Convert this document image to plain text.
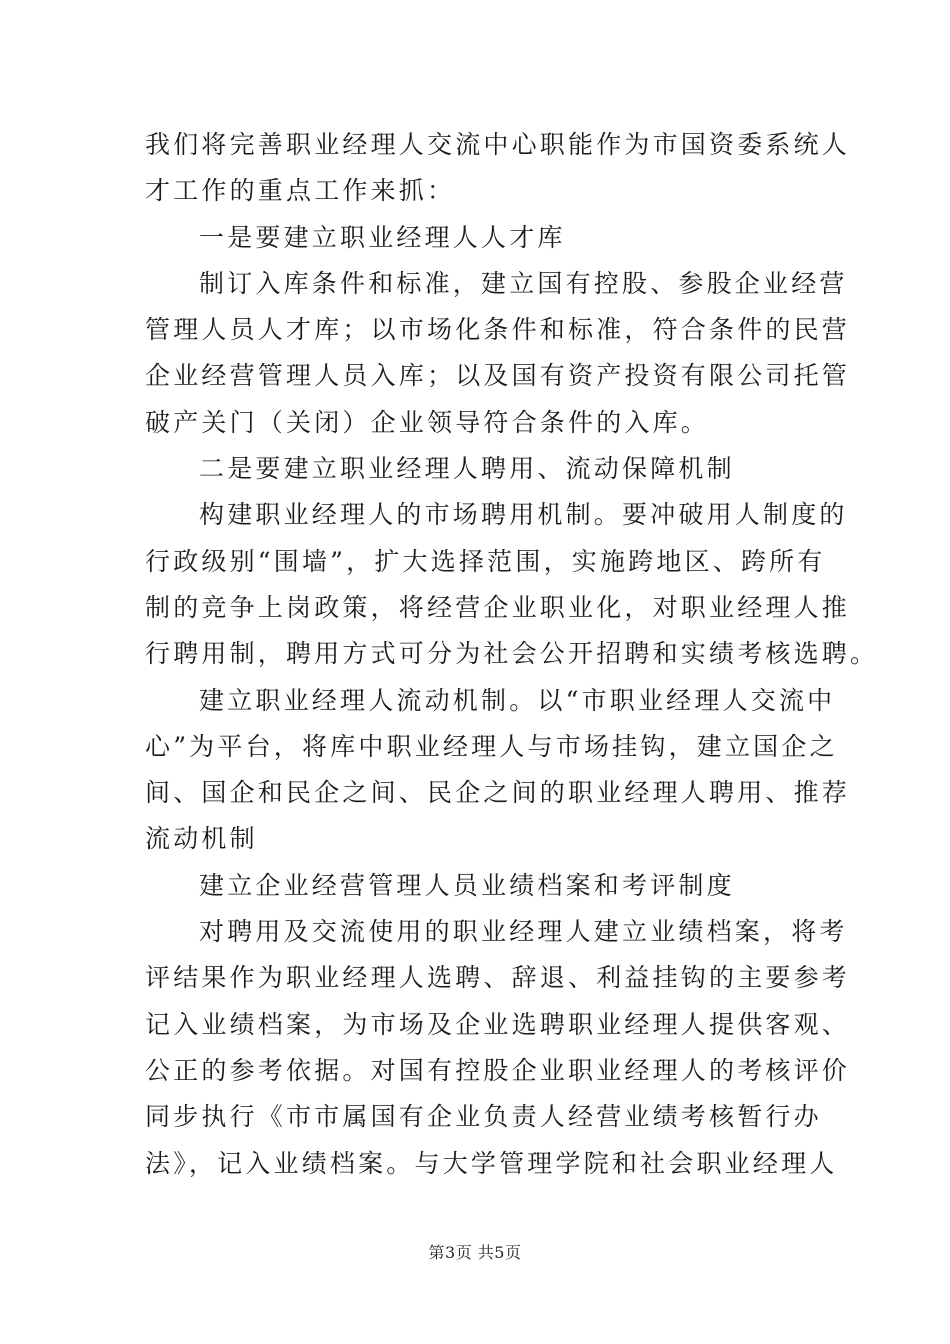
我们将完善职业经理人交流中心职能作为市国资委系统人
才工作的重点工作来抓：
一是要建立职业经理人人才库
制订入库条件和标准，建立国有控股、参股企业经营
管理人员人才库；以市场化条件和标准，符合条件的民营
企业经营管理人员入库；以及国有资产投资有限公司托管
破产关门（关闭）企业领导符合条件的入库。
二是要建立职业经理人聘用、流动保障机制
构建职业经理人的市场聘用机制。要冲破用人制度的
行政级别“围墙”，扩大选择范围，实施跨地区、跨所有
制的竞争上岗政策，将经营企业职业化，对职业经理人推
行聘用制，聘用方式可分为社会公开招聘和实绩考核选聘。
建立职业经理人流动机制。以“市职业经理人交流中
心”为平台，将库中职业经理人与市场挂钩，建立国企之
间、国企和民企之间、民企之间的职业经理人聘用、推荐
流动机制
建立企业经营管理人员业绩档案和考评制度
对聘用及交流使用的职业经理人建立业绩档案，将考
评结果作为职业经理人选聘、辞退、利益挂钩的主要参考
记入业绩档案，为市场及企业选聘职业经理人提供客观、
公正的参考依据。对国有控股企业职业经理人的考核评价
同步执行《市市属国有企业负责人经营业绩考核暂行办
法》，记入业绩档案。与大学管理学院和社会职业经理人
第3页 共5页
